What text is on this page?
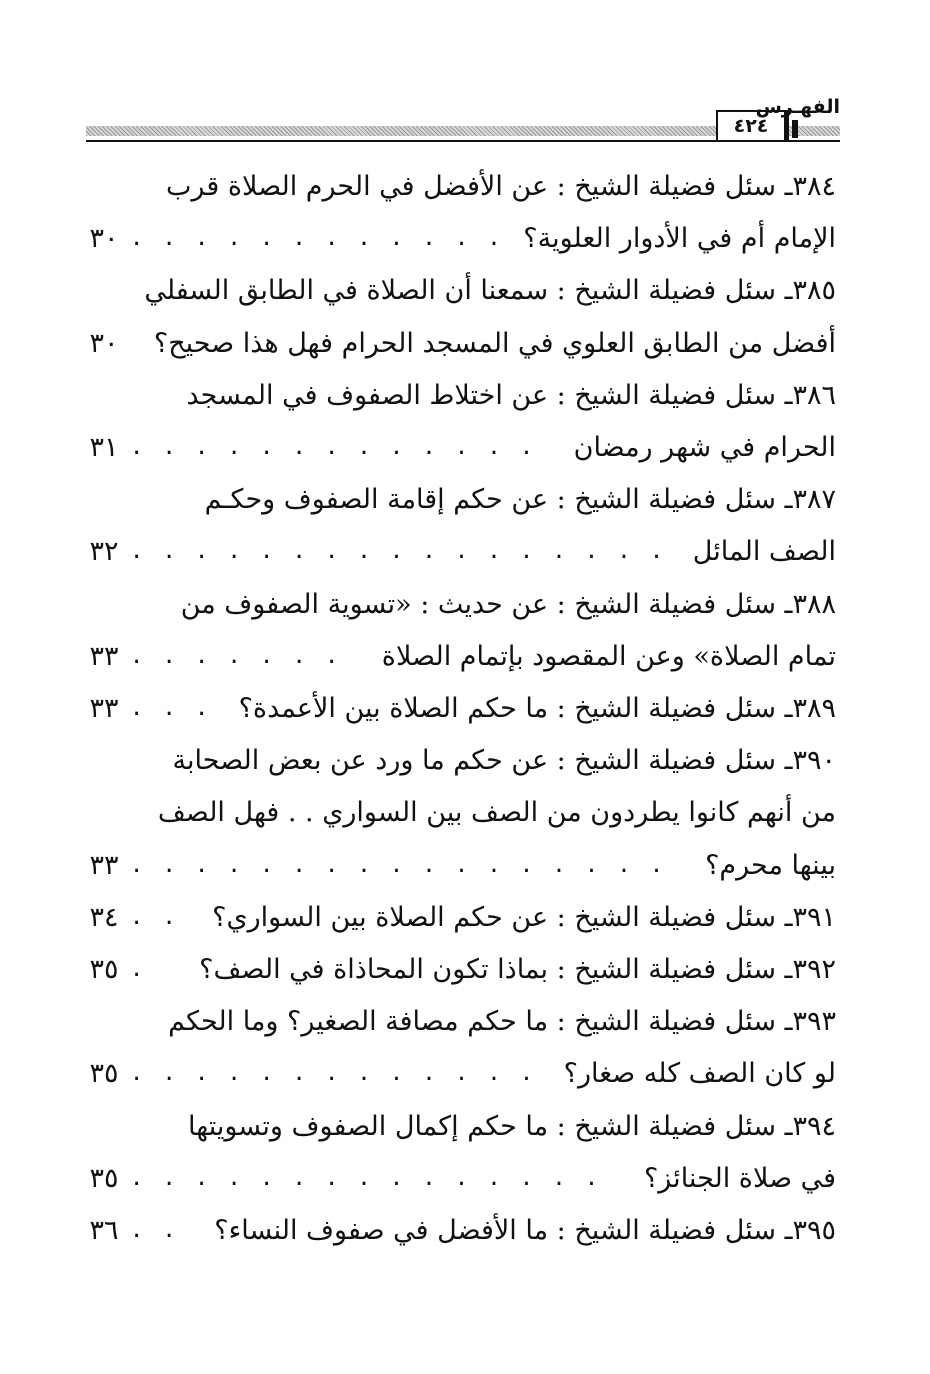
٤٢٤
الفهـرس
٣٨٤ـ سئل فضيلة الشيخ : عن الأفضل في الحرم الصلاة قرب
الإمام أم في الأدوار العلوية؟
. . . . . . . . . . . .
٣٠
٣٨٥ـ سئل فضيلة الشيخ : سمعنا أن الصلاة في الطابق السفلي
أفضل من الطابق العلوي في المسجد الحرام فهل هذا صحيح؟
٣٠
٣٨٦ـ سئل فضيلة الشيخ : عن اختلاط الصفوف في المسجد
الحرام في شهر رمضان
. . . . . . . . . . . . .
٣١
٣٨٧ـ سئل فضيلة الشيخ : عن حكم إقامة الصفوف وحكـم
الصف المائل
. . . . . . . . . . . . . . . . .
٣٢
٣٨٨ـ سئل فضيلة الشيخ : عن حديث : «تسوية الصفوف من
تمام الصلاة» وعن المقصود بإتمام الصلاة
. . . . . . .
٣٣
٣٨٩ـ سئل فضيلة الشيخ : ما حكم الصلاة بين الأعمدة؟
. . .
٣٣
٣٩٠ـ سئل فضيلة الشيخ : عن حكم ما ورد عن بعض الصحابة
من أنهم كانوا يطردون من الصف بين السواري . . فهل الصف
بينها محرم؟
. . . . . . . . . . . . . . . . .
٣٣
٣٩١ـ سئل فضيلة الشيخ : عن حكم الصلاة بين السواري؟
. .
٣٤
٣٩٢ـ سئل فضيلة الشيخ : بماذا تكون المحاذاة في الصف؟
.
٣٥
٣٩٣ـ سئل فضيلة الشيخ : ما حكم مصافة الصغير؟ وما الحكم
لو كان الصف كله صغار؟
. . . . . . . . . . . . .
٣٥
٣٩٤ـ سئل فضيلة الشيخ : ما حكم إكمال الصفوف وتسويتها
في صلاة الجنائز؟
. . . . . . . . . . . . . . .
٣٥
٣٩٥ـ سئل فضيلة الشيخ : ما الأفضل في صفوف النساء؟
. .
٣٦
